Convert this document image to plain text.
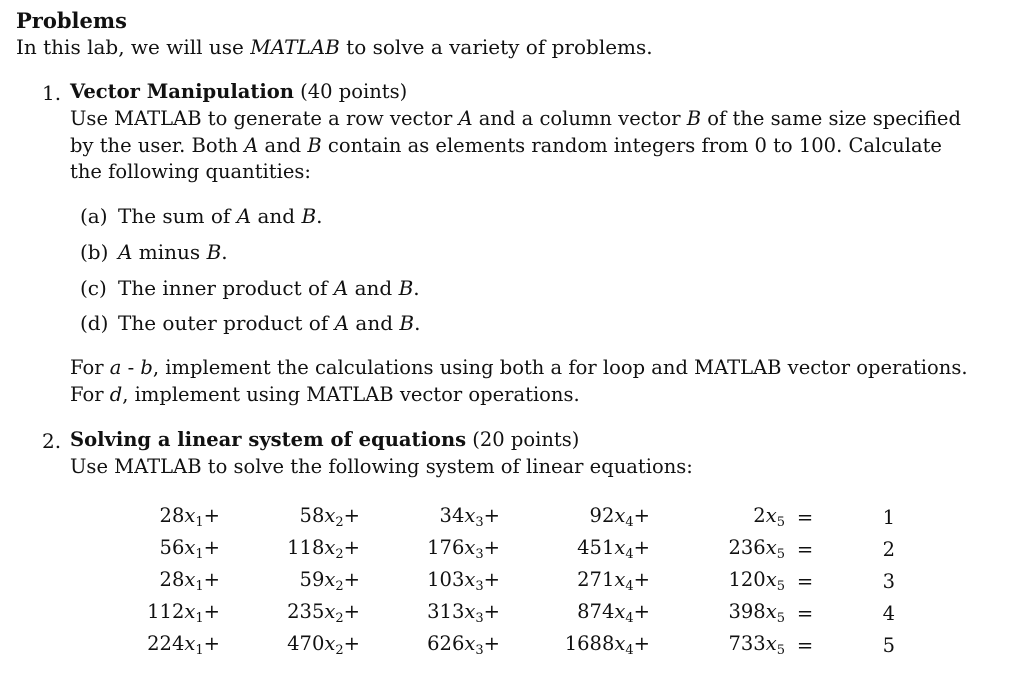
Problems
In this lab, we will use MATLAB to solve a variety of problems.
1. Vector Manipulation (40 points)
Use MATLAB to generate a row vector A and a column vector B of the same size specified by the user. Both A and B contain as elements random integers from 0 to 100. Calculate the following quantities:
(a) The sum of A and B.
(b) A minus B.
(c) The inner product of A and B.
(d) The outer product of A and B.
For a - b, implement the calculations using both a for loop and MATLAB vector operations. For d, implement using MATLAB vector operations.
2. Solving a linear system of equations (20 points)
Use MATLAB to solve the following system of linear equations:
$28x_1+$	$58x_2+$	$34x_3+$	$92x_4+$	$2x_5$	=	1
$56x_1+$	$118x_2+$	$176x_3+$	$451x_4+$	$236x_5$	=	2
$28x_1+$	$59x_2+$	$103x_3+$	$271x_4+$	$120x_5$	=	3
$112x_1+$	$235x_2+$	$313x_3+$	$874x_4+$	$398x_5$	=	4
$224x_1+$	$470x_2+$	$626x_3+$	$1688x_4+$	$733x_5$	=	5
